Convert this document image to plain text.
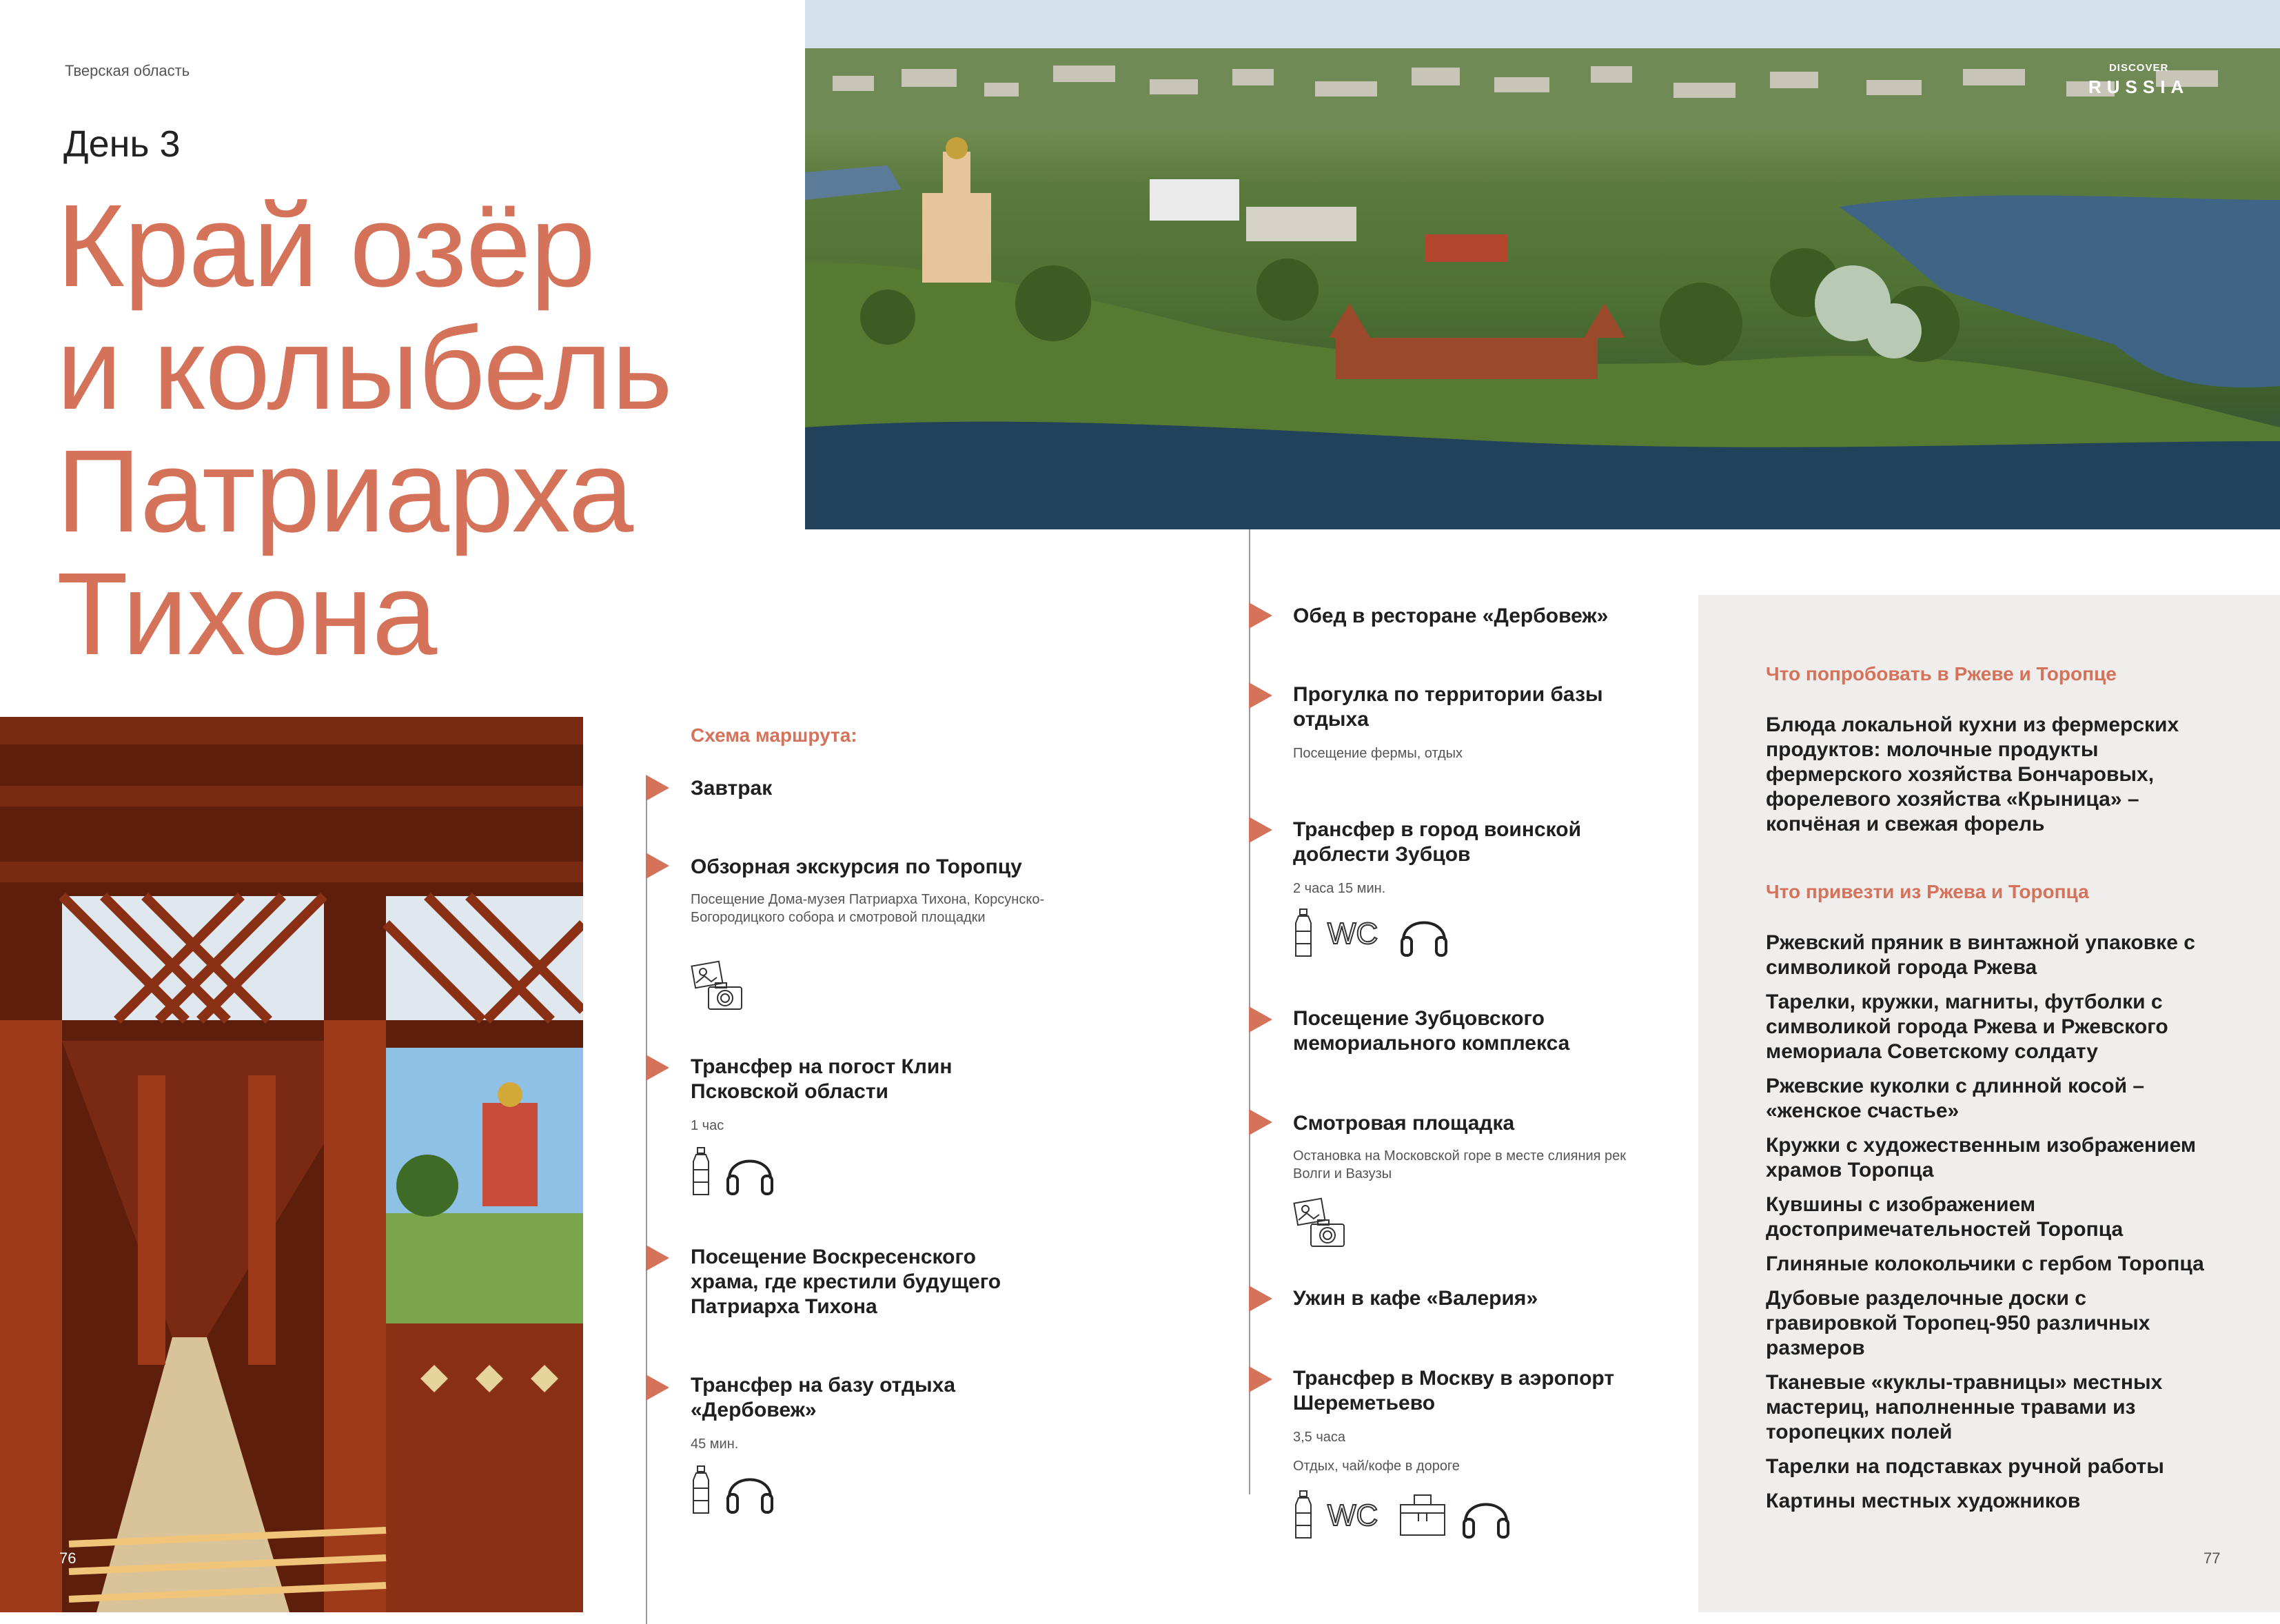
Тверская область
День 3
Край озёр
и колыбель
Патриарха
Тихона
DISCOVER
RUSSIA
76
Схема маршрута:
Завтрак
Обзорная экскурсия по Торопцу
Посещение Дома-музея Патриарха Тихона, Корсунско-Богородицкого собора и смотровой площадки
Трансфер на погост Клин Псковской области
1 час
Посещение Воскресенского храма, где крестили будущего Патриарха Тихона
Трансфер на базу отдыха «Дербовеж»
45 мин.
Обед в ресторане «Дербовеж»
Прогулка по территории базы отдыха
Посещение фермы, отдых
Трансфер в город воинской доблести Зубцов
2 часа 15 мин.
WC
Посещение Зубцовского мемориального комплекса
Смотровая площадка
Остановка на Московской горе в месте слияния рек Волги и Вазузы
Ужин в кафе «Валерия»
Трансфер в Москву в аэропорт Шереметьево
3,5 часа
Отдых, чай/кофе в дороге
WC
Что попробовать в Ржеве и Торопце
Блюда локальной кухни из фермерских продуктов: молочные продукты фермерского хозяйства Бончаровых, форелевого хозяйства «Крыница» – копчёная и свежая форель
Что привезти из Ржева и Торопца
Ржевский пряник в винтажной упаковке с символикой города Ржева
Тарелки, кружки, магниты, футболки с символикой города Ржева и Ржевского мемориала Советскому солдату
Ржевские куколки с длинной косой – «женское счастье»
Кружки с художественным изображением храмов Торопца
Кувшины с изображением достопримечательностей Торопца
Глиняные колокольчики с гербом Торопца
Дубовые разделочные доски с гравировкой Торопец-950 различных размеров
Тканевые «куклы-травницы» местных мастериц, наполненные травами из торопецких полей
Тарелки на подставках ручной работы
Картины местных художников
77
